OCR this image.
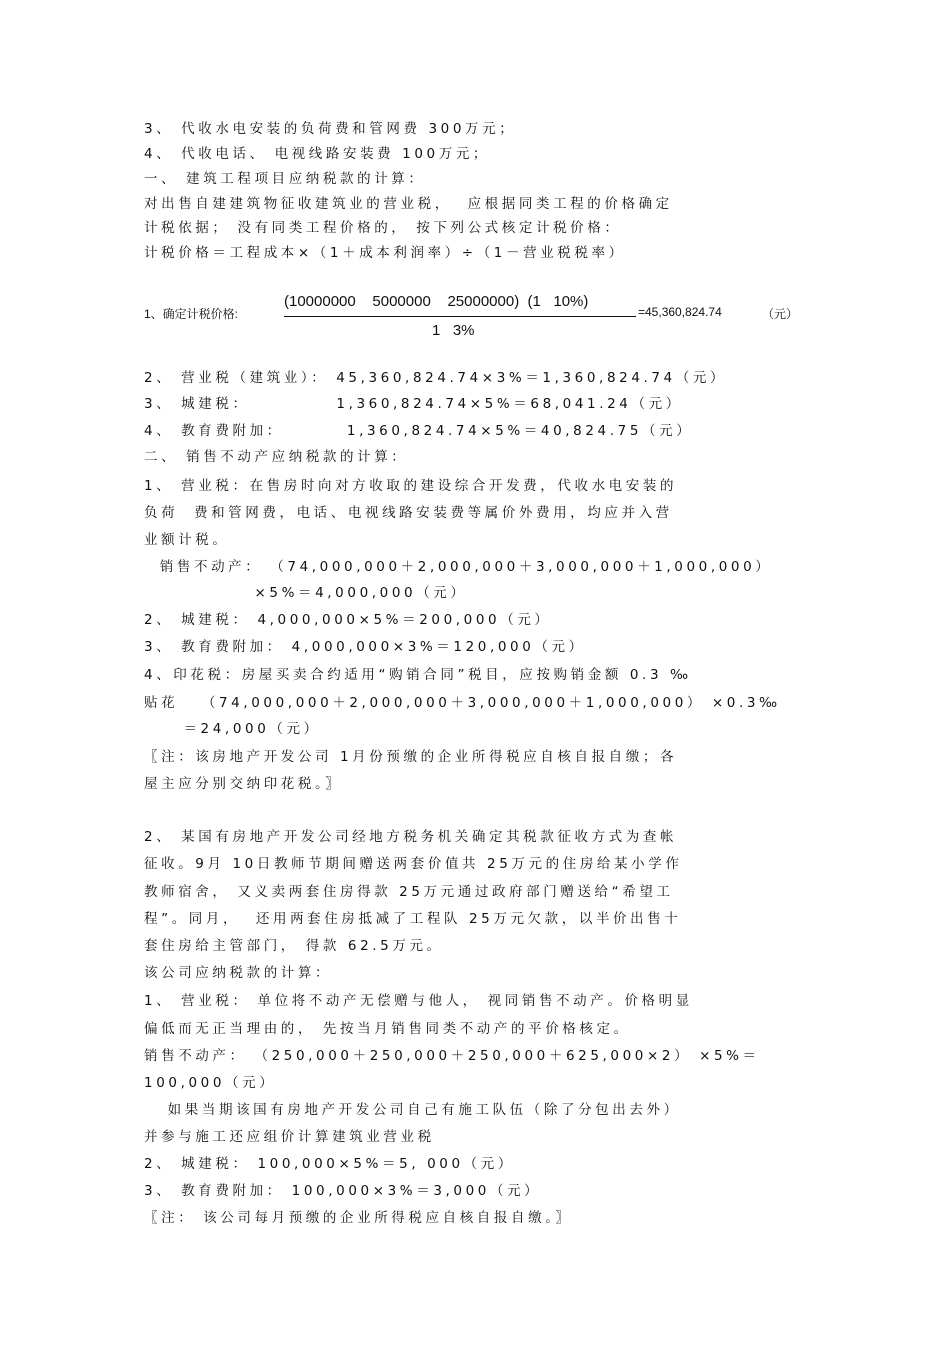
3、 代收水电安装的负荷费和管网费 300万元；
4、 代收电话、 电视线路安装费 100万元；
一、 建筑工程项目应纳税款的计算：
对出售自建建筑物征收建筑业的营业税，  应根据同类工程的价格确定
计税依据； 没有同类工程价格的， 按下列公式核定计税价格：
计税价格＝工程成本×（1＋成本利润率）÷（1－营业税税率）
1、确定计税价格:
(10000000    5000000    25000000)  (1   10%)
1   3%
=45,360,824.74	（元）
2、 营业税（建筑业）： 45,360,824.74×3%＝1,360,824.74（元）
3、 城建税：           1,360,824.74×5%＝68,041.24（元）
4、 教育费附加：        1,360,824.74×5%＝40,824.75（元）
二、 销售不动产应纳税款的计算：
1、 营业税：在售房时向对方收取的建设综合开发费，代收水电安装的
负荷  费和管网费，电话、电视线路安装费等属价外费用，均应并入营
业额计税。
销售不动产： （74,000,000＋2,000,000＋3,000,000＋1,000,000）
×5%＝4,000,000（元）
2、 城建税： 4,000,000×5%＝200,000（元）
3、 教育费附加： 4,000,000×3%＝120,000（元）
4、印花税：房屋买卖合约适用“购销合同”税目，应按购销金额 0.3 ‰
贴花   （74,000,000＋2,000,000＋3,000,000＋1,000,000） ×0.3‰
＝24,000（元）
〖注：该房地产开发公司 1月份预缴的企业所得税应自核自报自缴；各
屋主应分别交纳印花税。〗
2、 某国有房地产开发公司经地方税务机关确定其税款征收方式为查帐
征收。9月 10日教师节期间赠送两套价值共 25万元的住房给某小学作
教师宿舍， 又义卖两套住房得款 25万元通过政府部门赠送给“希望工
程”。同月，  还用两套住房抵减了工程队 25万元欠款，以半价出售十
套住房给主管部门， 得款 62.5万元。
该公司应纳税款的计算：
1、 营业税： 单位将不动产无偿赠与他人， 视同销售不动产。价格明显
偏低而无正当理由的， 先按当月销售同类不动产的平价格核定。
销售不动产： （250,000＋250,000＋250,000＋625,000×2） ×5%＝
100,000（元）
如果当期该国有房地产开发公司自己有施工队伍（除了分包出去外）
并参与施工还应组价计算建筑业营业税
2、 城建税： 100,000×5%＝5, 000（元）
3、 教育费附加： 100,000×3%＝3,000（元）
〖注： 该公司每月预缴的企业所得税应自核自报自缴。〗
